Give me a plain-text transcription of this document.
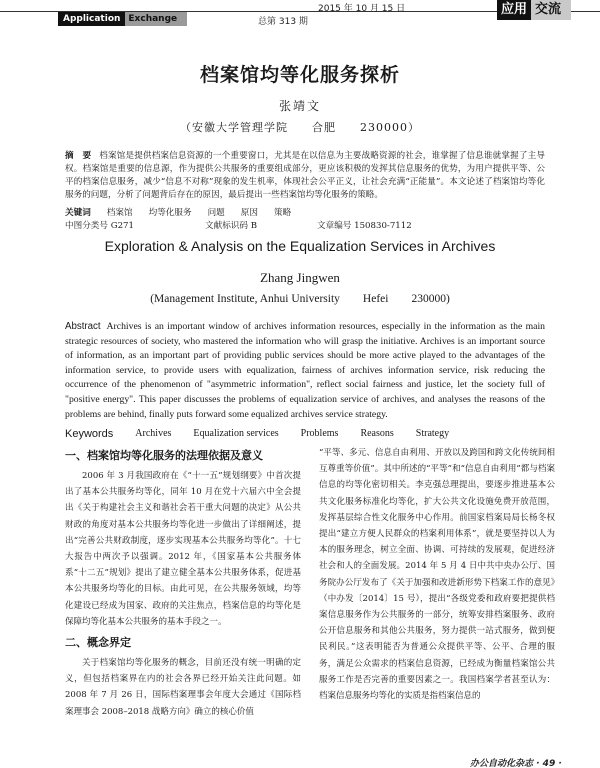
2015 年 10 月 15 日
Application Exchange	总第 313 期
应用 交流
档案馆均等化服务探析
张靖文
（安徽大学管理学院　　合肥　　230000）
摘　要 档案馆是提供档案信息资源的一个重要窗口，尤其是在以信息为主要战略资源的社会，谁掌握了信息谁就掌握了主导权。档案馆是重要的信息源，作为提供公共服务的重要组成部分，更应该积极的发挥其信息服务的优势，为用户提供平等、公平的档案信息服务，减少“信息不对称”现象的发生机率，体现社会公平正义，让社会充满“正能量”。本文论述了档案馆均等化服务的问题，分析了问题背后存在的原因，最后提出一些档案馆均等化服务的策略。
关键词 档案馆 均等化服务 问题 原因 策略
中图分类号 G271	文献标识码 B	文章编号 150830-7112
Exploration & Analysis on the Equalization Services in Archives
Zhang Jingwen
(Management Institute, Anhui University　　Hefei　　230000)
Abstract Archives is an important window of archives information resources, especially in the information as the main strategic resources of society, who mastered the information who will grasp the initiative. Archives is an important source of information, as an important part of providing public services should be more active played to the advantages of the information service, to provide users with equalization, fairness of archives information service, risk reducing the occurrence of the phenomenon of "asymmetric information", reflect social fairness and justice, let the society full of "positive energy". This paper discusses the problems of equalization service of archives, and analyses the reasons of the problems are behind, finally puts forward some equalized archives service strategy.
Keywords Archives Equalization services Problems Reasons Strategy
一、档案馆均等化服务的法理依据及意义

2006 年 3 月我国政府在《“十一五”规划纲要》中首次提出了基本公共服务均等化，同年 10 月在党十六届六中全会提出《关于构建社会主义和谐社会若干重大问题的决定》从公共财政的角度对基本公共服务均等化进一步做出了详细阐述，提出“完善公共财政制度，逐步实现基本公共服务均等化”。十七大报告中两次予以强调。2012 年，《国家基本公共服务体系“十二五”规划》提出了建立健全基本公共服务体系，促进基本公共服务均等化的目标。由此可见，在公共服务领域，均等化建设已经成为国家、政府的关注焦点，档案信息的均等化是保障均等化基本公共服务的基本手段之一。

二、概念界定

关于档案馆均等化服务的概念，目前还没有统一明确的定义，但包括档案界在内的社会各界已经开始关注此问题。如 2008 年 7 月 26 日，国际档案理事会年度大会通过《国际档案理事会 2008–2018 战略方向》确立的核心价值

“平等、多元、信息自由利用、开放以及跨国和跨文化传统间相互尊重等价值”。其中所述的“平等”和“信息自由利用”都与档案信息的均等化密切相关。李克强总理提出，要逐步推进基本公共文化服务标准化均等化，扩大公共文化设施免费开放范围，发挥基层综合性文化服务中心作用。前国家档案局局长杨冬权提出“建立方便人民群众的档案利用体系”，就是要坚持以人为本的服务理念，树立全面、协调、可持续的发展观，促进经济社会和人的全面发展。2014 年 5 月 4 日中共中央办公厅、国务院办公厅发布了《关于加强和改进新形势下档案工作的意见》（中办发〔2014〕15 号），提出“各级党委和政府要把提供档案信息服务作为公共服务的一部分，统筹安排档案服务、政府公开信息服务和其他公共服务，努力提供一站式服务，做到便民利民。”这表明能否为普通公众提供平等、公平、合理的服务，满足公众需求的档案信息资源，已经成为衡量档案馆公共服务工作是否完善的重要因素之一。我国档案学者甚至认为：档案信息服务均等化的实质是指档案信息的

办公自动化杂志 · 49 ·
